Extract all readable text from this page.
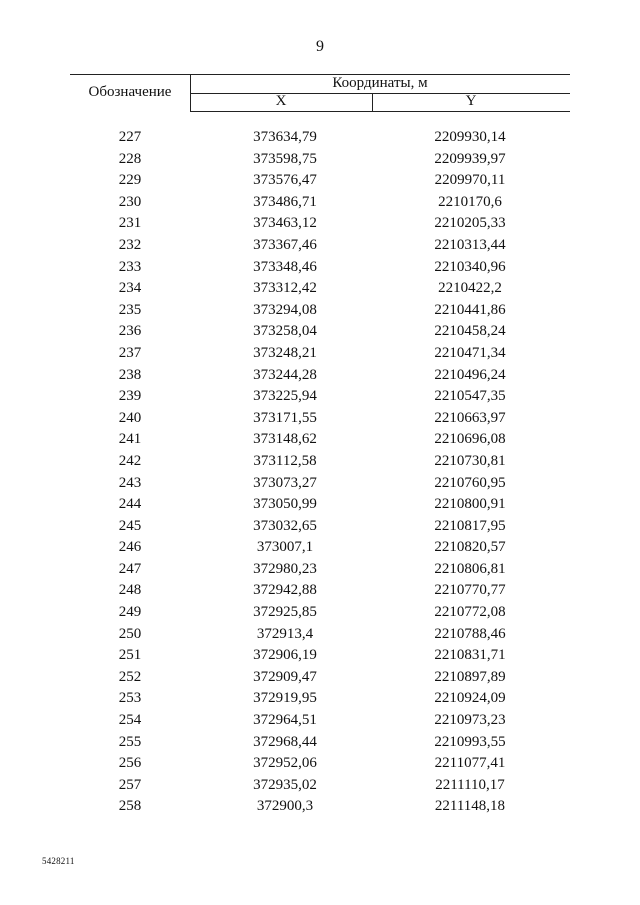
9
Обозначение
Координаты, м
X	Y
227	373634,79	2209930,14
228	373598,75	2209939,97
229	373576,47	2209970,11
230	373486,71	2210170,6
231	373463,12	2210205,33
232	373367,46	2210313,44
233	373348,46	2210340,96
234	373312,42	2210422,2
235	373294,08	2210441,86
236	373258,04	2210458,24
237	373248,21	2210471,34
238	373244,28	2210496,24
239	373225,94	2210547,35
240	373171,55	2210663,97
241	373148,62	2210696,08
242	373112,58	2210730,81
243	373073,27	2210760,95
244	373050,99	2210800,91
245	373032,65	2210817,95
246	373007,1	2210820,57
247	372980,23	2210806,81
248	372942,88	2210770,77
249	372925,85	2210772,08
250	372913,4	2210788,46
251	372906,19	2210831,71
252	372909,47	2210897,89
253	372919,95	2210924,09
254	372964,51	2210973,23
255	372968,44	2210993,55
256	372952,06	2211077,41
257	372935,02	2211110,17
258	372900,3	2211148,18
5428211
